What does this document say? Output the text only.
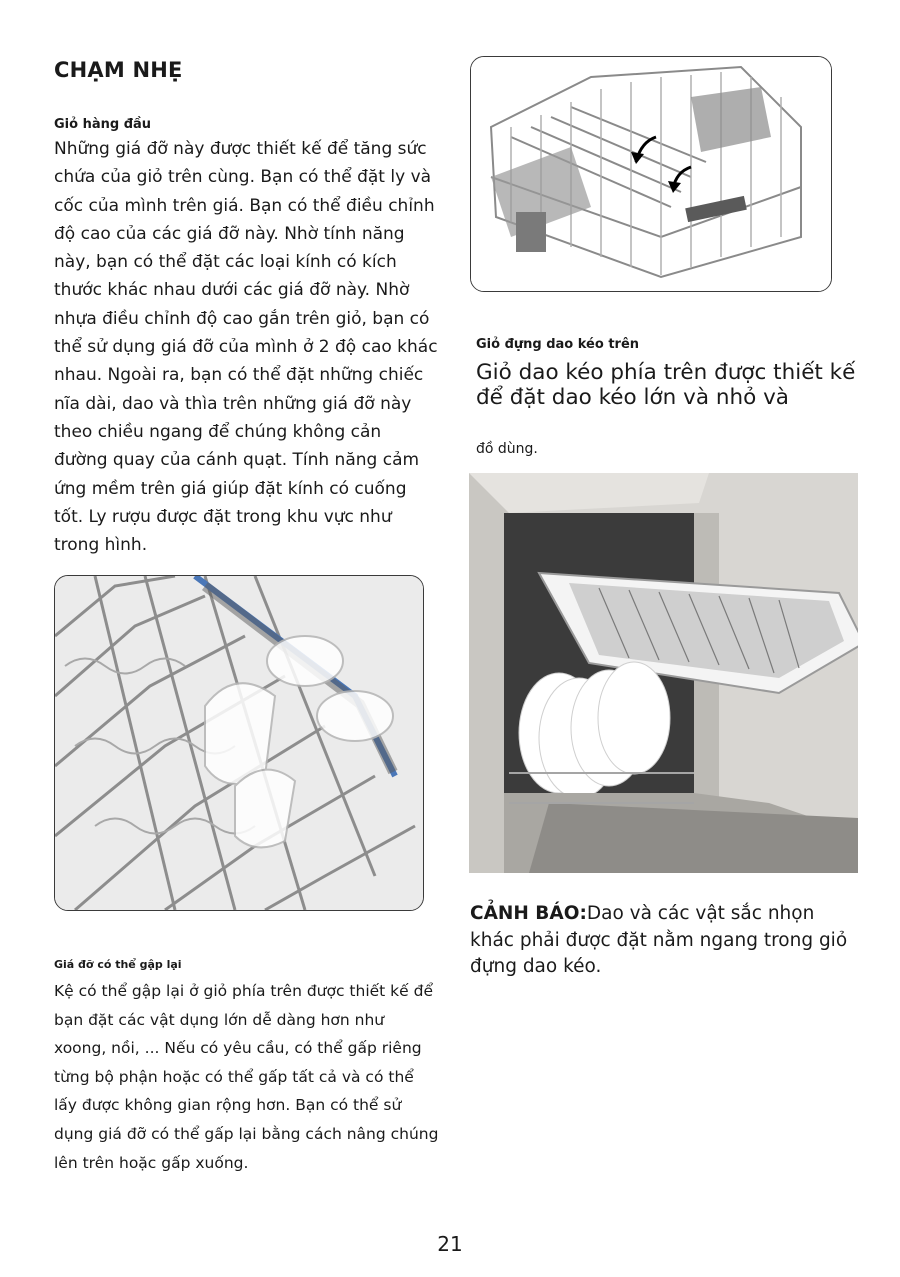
CHẠM NHẸ
Giỏ hàng đầu
Những giá đỡ này được thiết kế để tăng sức chứa của giỏ trên cùng. Bạn có thể đặt ly và cốc của mình trên giá. Bạn có thể điều chỉnh độ cao của các giá đỡ này. Nhờ tính năng này, bạn có thể đặt các loại kính có kích thước khác nhau dưới các giá đỡ này. Nhờ nhựa điều chỉnh độ cao gắn trên giỏ, bạn có thể sử dụng giá đỡ của mình ở 2 độ cao khác nhau. Ngoài ra, bạn có thể đặt những chiếc nĩa dài, dao và thìa trên những giá đỡ này theo chiều ngang để chúng không cản đường quay của cánh quạt. Tính năng cảm ứng mềm trên giá giúp đặt kính có cuống tốt. Ly rượu được đặt trong khu vực như trong hình.
Giá đỡ có thể gập lại
Kệ có thể gập lại ở giỏ phía trên được thiết kế để bạn đặt các vật dụng lớn dễ dàng hơn như xoong, nồi, ... Nếu có yêu cầu, có thể gấp riêng từng bộ phận hoặc có thể gấp tất cả và có thể lấy được không gian rộng hơn. Bạn có thể sử dụng giá đỡ có thể gấp lại bằng cách nâng chúng lên trên hoặc gấp xuống.
Giỏ đựng dao kéo trên
Giỏ dao kéo phía trên được thiết kế để đặt dao kéo lớn và nhỏ và
đồ dùng.
CẢNH BÁO:Dao và các vật sắc nhọn khác phải được đặt nằm ngang trong giỏ đựng dao kéo.
21
